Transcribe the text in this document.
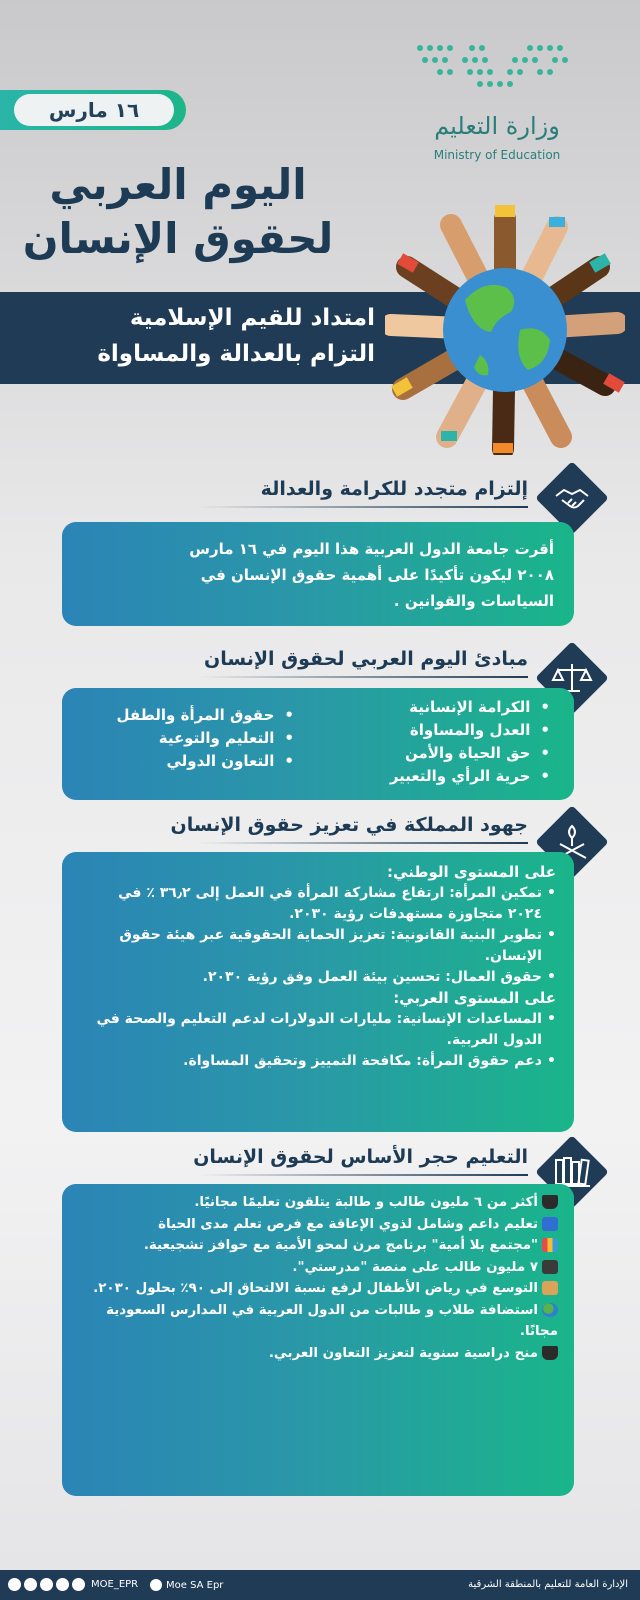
١٦ مارس
وزارة التعليم
Ministry of Education
اليوم العربي
لحقوق الإنسان
امتداد للقيم الإسلامية
التزام بالعدالة والمساواة
إلتزام متجدد للكرامة والعدالة

أقرت جامعة الدول العربية هذا اليوم في ١٦ مارس

٢٠٠٨ ليكون تأكيدًا على أهمية حقوق الإنسان في

السياسات والقوانين .

مبادئ اليوم العربي لحقوق الإنسان
• الكرامة الإنسانية
• العدل والمساواة
• حق الحياة والأمن
• حرية الرأي والتعبير
• حقوق المرأة والطفل
• التعليم والتوعية
• التعاون الدولي
جهود المملكة في تعزيز حقوق الإنسان

على المستوى الوطني:

• تمكين المرأة: ارتفاع مشاركة المرأة في العمل إلى ٣٦٫٢ ٪ في ٢٠٢٤ متجاوزة مستهدفات رؤية ٢٠٣٠.
• تطوير البنية القانونية: تعزيز الحماية الحقوقية عبر هيئة حقوق الإنسان.
• حقوق العمال: تحسين بيئة العمل وفق رؤية ٢٠٣٠.

على المستوى العربي:

• المساعدات الإنسانية: مليارات الدولارات لدعم التعليم والصحة في الدول العربية.
• دعم حقوق المرأة: مكافحة التمييز وتحقيق المساواة.
التعليم حجر الأساس لحقوق الإنسان

أكثر من ٦ مليون طالب و طالبة يتلقون تعليمًا مجانيًا.

تعليم داعم وشامل لذوي الإعاقة مع فرص تعلم مدى الحياة

"مجتمع بلا أمية" برنامج مرن لمحو الأمية مع حوافز تشجيعية.

٧ مليون طالب على منصة "مدرستي".

التوسع في رياض الأطفال لرفع نسبة الالتحاق إلى ٩٠٪ بحلول ٢٠٣٠.

استضافة طلاب و طالبات من الدول العربية في المدارس السعودية مجانًا.

منح دراسية سنوية لتعزيز التعاون العربي.

MOE_EPR	Moe SA Epr	الإدارة العامة للتعليم بالمنطقة الشرقية
